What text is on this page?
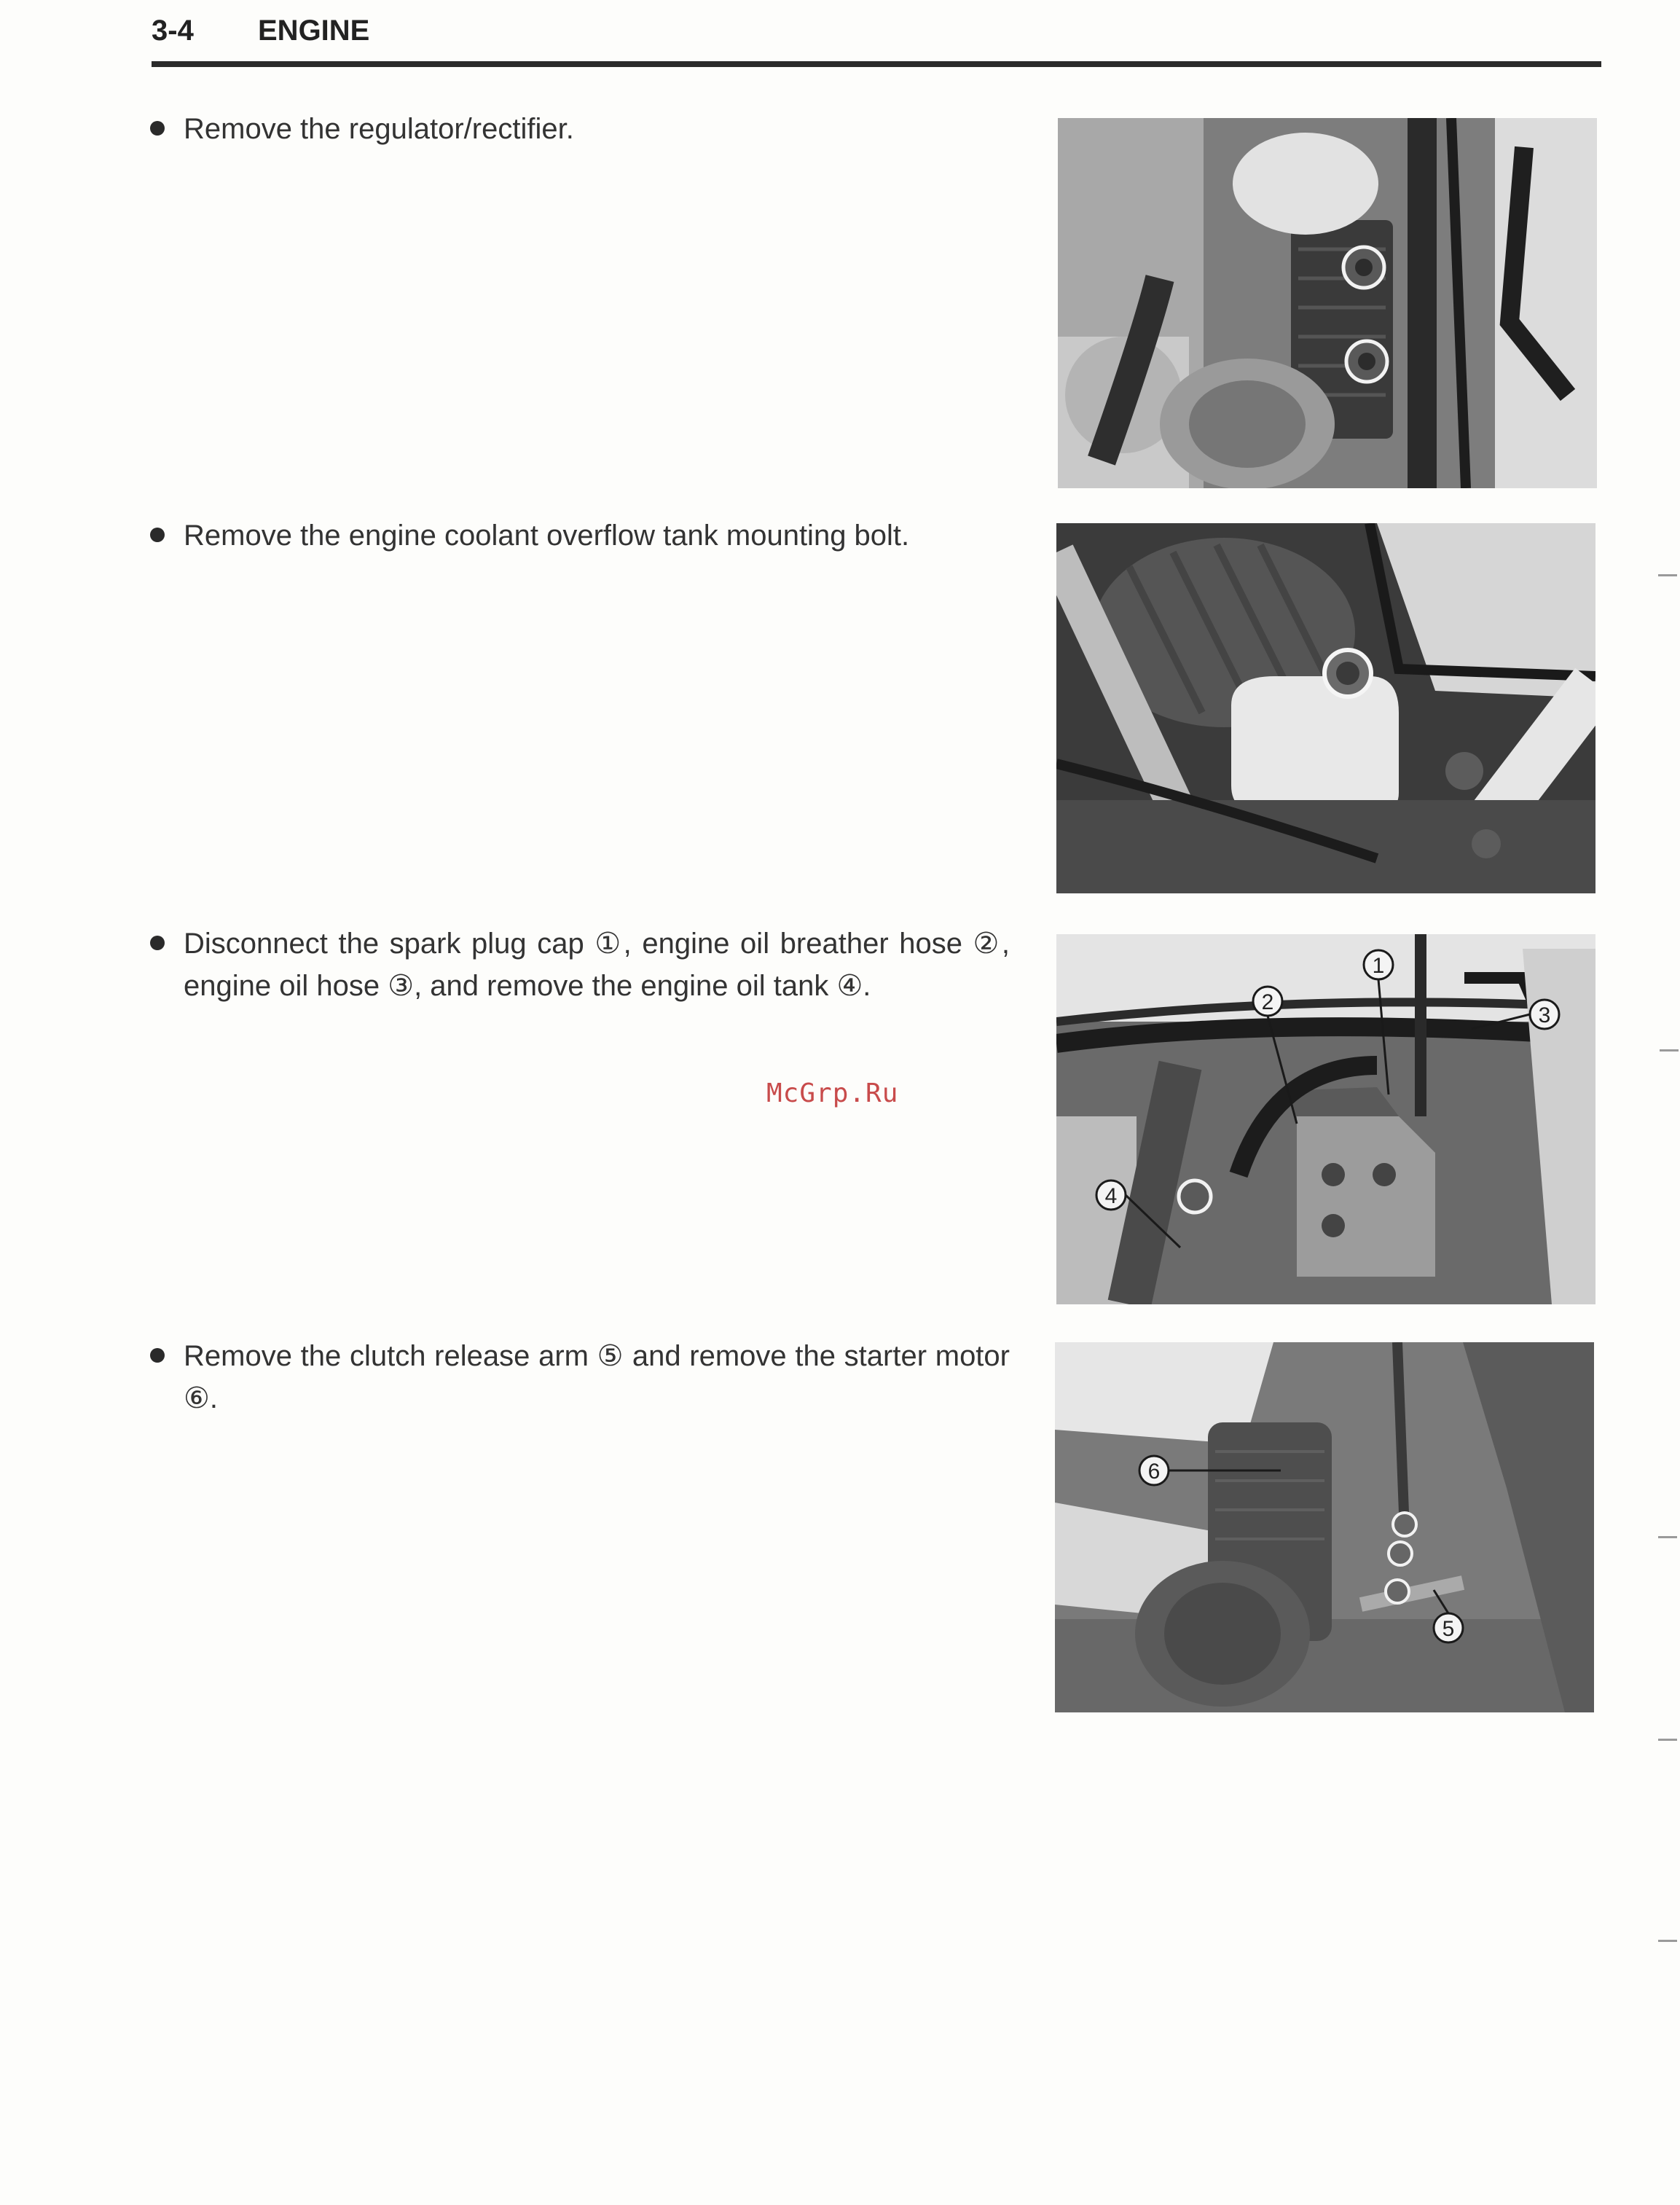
3-4 ENGINE
Remove the regulator/rectifier.
Remove the engine coolant overflow tank mounting bolt.
Disconnect the spark plug cap ①, engine oil breather hose ②, engine oil hose ③, and remove the engine oil tank ④.
Remove the clutch release arm ⑤ and remove the starter motor ⑥.
1
2
3
4
6
5
McGrp.Ru
